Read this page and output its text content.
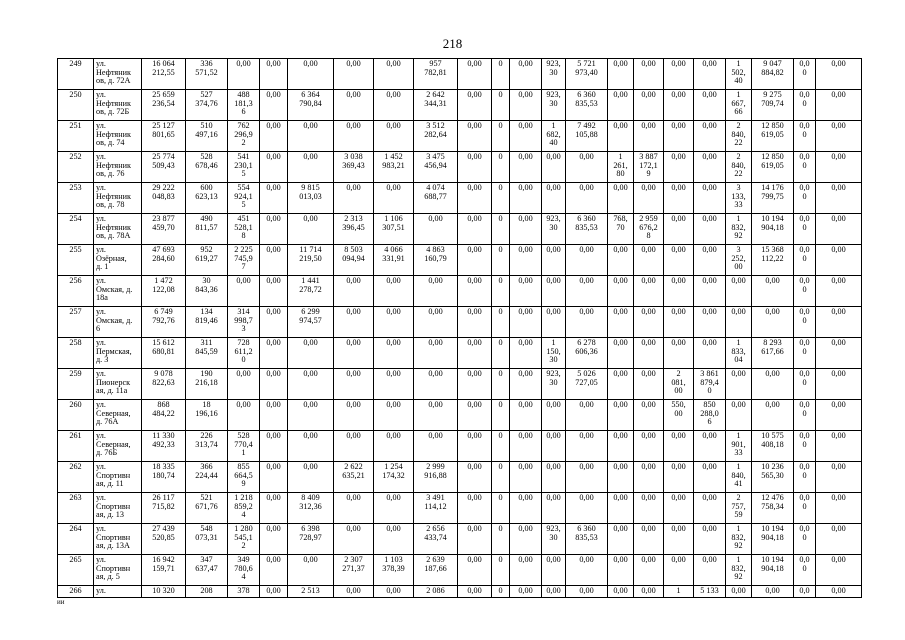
218
249	ул.
Нефтяник
ов, д. 72А	16 064
212,55	336
571,52	0,00	0,00	0,00	0,00	0,00	957
782,81	0,00	0	0,00	923,
30	5 721
973,40	0,00	0,00	0,00	0,00	1
502,
40	9 047
884,82	0,0
0	0,00
250	ул.
Нефтяник
ов, д. 72Б	25 659
236,54	527
374,76	488
181,3
6	0,00	6 364
790,84	0,00	0,00	2 642
344,31	0,00	0	0,00	923,
30	6 360
835,53	0,00	0,00	0,00	0,00	1
667,
66	9 275
709,74	0,0
0	0,00
251	ул.
Нефтяник
ов, д. 74	25 127
801,65	510
497,16	762
296,9
2	0,00	0,00	0,00	0,00	3 512
282,64	0,00	0	0,00	1
682,
40	7 492
105,88	0,00	0,00	0,00	0,00	2
840,
22	12 850
619,05	0,0
0	0,00
252	ул.
Нефтяник
ов, д. 76	25 774
509,43	528
678,46	541
230,1
5	0,00	0,00	3 038
369,43	1 452
983,21	3 475
456,94	0,00	0	0,00	0,00	0,00	1
261,
80	3 887
172,1
9	0,00	0,00	2
840,
22	12 850
619,05	0,0
0	0,00
253	ул.
Нефтяник
ов, д. 78	29 222
048,83	600
623,13	554
924,1
5	0,00	9 815
013,03	0,00	0,00	4 074
688,77	0,00	0	0,00	0,00	0,00	0,00	0,00	0,00	0,00	3
133,
33	14 176
799,75	0,0
0	0,00
254	ул.
Нефтяник
ов, д. 78А	23 877
459,70	490
811,57	451
528,1
8	0,00	0,00	2 313
396,45	1 106
307,51	0,00	0,00	0	0,00	923,
30	6 360
835,53	768,
70	2 959
676,2
8	0,00	0,00	1
832,
92	10 194
904,18	0,0
0	0,00
255	ул.
Озёрная,
д. 1	47 693
284,60	952
619,27	2 225
745,9
7	0,00	11 714
219,50	8 503
094,94	4 066
331,91	4 863
160,79	0,00	0	0,00	0,00	0,00	0,00	0,00	0,00	0,00	3
252,
00	15 368
112,22	0,0
0	0,00
256	ул.
Омская, д.
18а	1 472
122,08	30
843,36	0,00	0,00	1 441
278,72	0,00	0,00	0,00	0,00	0	0,00	0,00	0,00	0,00	0,00	0,00	0,00	0,00	0,00	0,0
0	0,00
257	ул.
Омская, д.
6	6 749
792,76	134
819,46	314
998,7
3	0,00	6 299
974,57	0,00	0,00	0,00	0,00	0	0,00	0,00	0,00	0,00	0,00	0,00	0,00	0,00	0,00	0,0
0	0,00
258	ул.
Пермская,
д. 3	15 612
680,81	311
845,59	728
611,2
0	0,00	0,00	0,00	0,00	0,00	0,00	0	0,00	1
150,
30	6 278
606,36	0,00	0,00	0,00	0,00	1
833,
04	8 293
617,66	0,0
0	0,00
259	ул.
Пионерск
ая, д. 11а	9 078
822,63	190
216,18	0,00	0,00	0,00	0,00	0,00	0,00	0,00	0	0,00	923,
30	5 026
727,05	0,00	0,00	2
081,
00	3 861
879,4
0	0,00	0,00	0,0
0	0,00
260	ул.
Северная,
д. 76А	868
484,22	18
196,16	0,00	0,00	0,00	0,00	0,00	0,00	0,00	0	0,00	0,00	0,00	0,00	0,00	550,
00	850
288,0
6	0,00	0,00	0,0
0	0,00
261	ул.
Северная,
д. 76Б	11 330
492,33	226
313,74	528
770,4
1	0,00	0,00	0,00	0,00	0,00	0,00	0	0,00	0,00	0,00	0,00	0,00	0,00	0,00	1
901,
33	10 575
408,18	0,0
0	0,00
262	ул.
Спортивн
ая, д. 11	18 335
180,74	366
224,44	855
664,5
9	0,00	0,00	2 622
635,21	1 254
174,32	2 999
916,88	0,00	0	0,00	0,00	0,00	0,00	0,00	0,00	0,00	1
840,
41	10 236
565,30	0,0
0	0,00
263	ул.
Спортивн
ая, д. 13	26 117
715,82	521
671,76	1 218
859,2
4	0,00	8 409
312,36	0,00	0,00	3 491
114,12	0,00	0	0,00	0,00	0,00	0,00	0,00	0,00	0,00	2
757,
59	12 476
758,34	0,0
0	0,00
264	ул.
Спортивн
ая, д. 13А	27 439
520,85	548
073,31	1 280
545,1
2	0,00	6 398
728,97	0,00	0,00	2 656
433,74	0,00	0	0,00	923,
30	6 360
835,53	0,00	0,00	0,00	0,00	1
832,
92	10 194
904,18	0,0
0	0,00
265	ул.
Спортивн
ая, д. 5	16 942
159,71	347
637,47	349
780,6
4	0,00	0,00	2 307
271,37	1 103
378,39	2 639
187,66	0,00	0	0,00	0,00	0,00	0,00	0,00	0,00	0,00	1
832,
92	10 194
904,18	0,0
0	0,00
266	ул.	10 320	208	378	0,00	2 513	0,00	0,00	2 086	0,00	0	0,00	0,00	0,00	0,00	0,00	1	5 133	0,00	0,00	0,0	0,00
ии
